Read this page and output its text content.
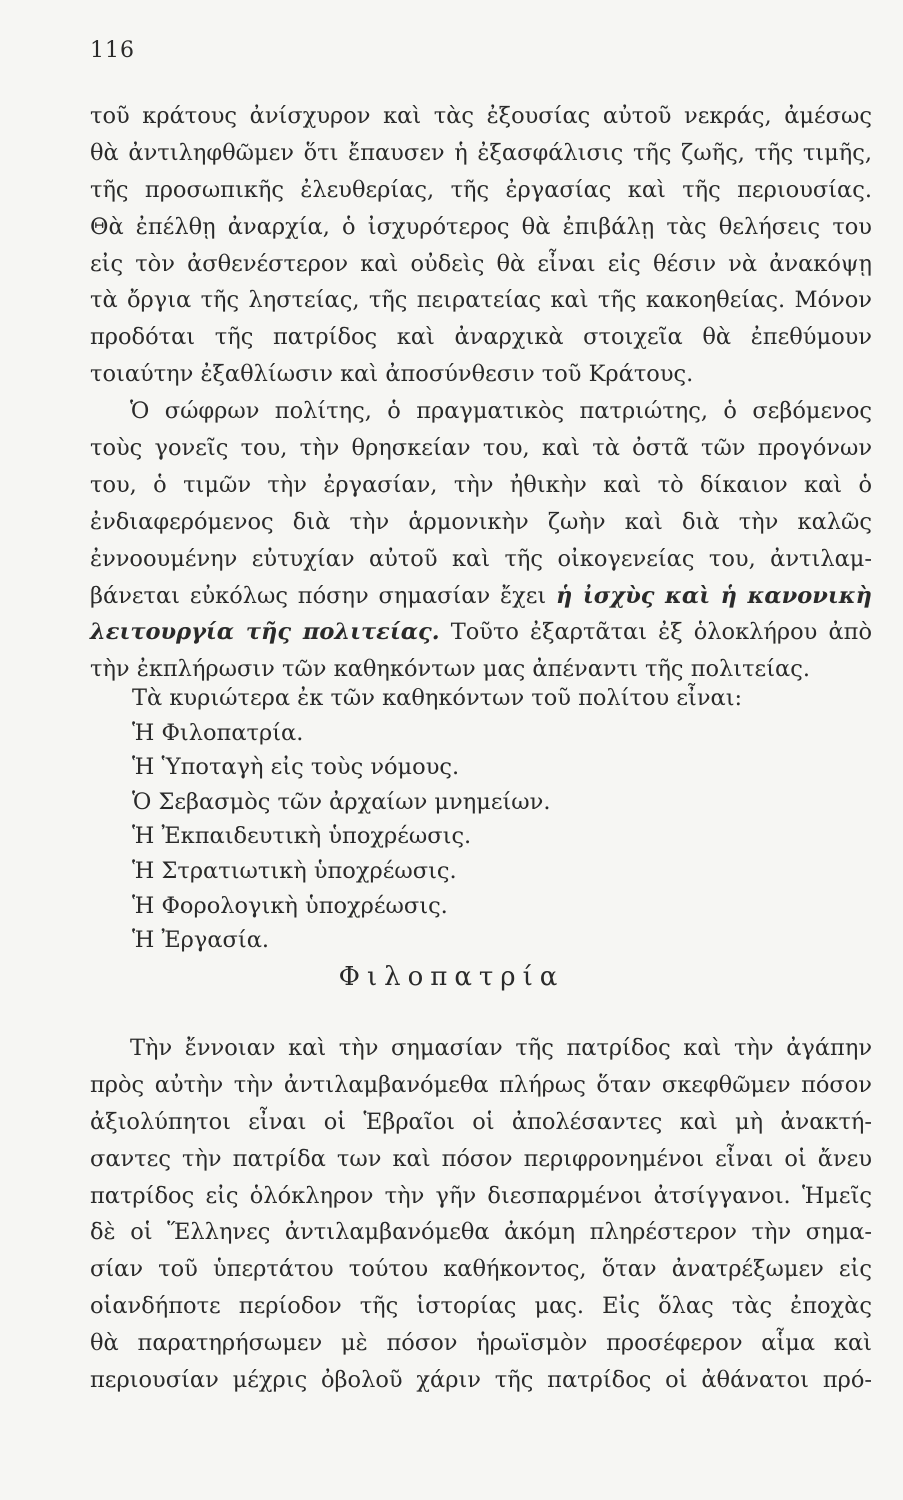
116
τοῦ κράτους ἀνίσχυρον καὶ τὰς ἐξουσίας αὐτοῦ νεκράς, ἀμέσως
θὰ ἀντιληφθῶμεν ὅτι ἔπαυσεν ἡ ἐξασφάλισις τῆς ζωῆς, τῆς τιμῆς,
τῆς προσωπικῆς ἐλευθερίας, τῆς ἐργασίας καὶ τῆς περιουσίας.
Θὰ ἐπέλθῃ ἀναρχία, ὁ ἰσχυρότερος θὰ ἐπιβάλῃ τὰς θελήσεις του
εἰς τὸν ἀσθενέστερον καὶ οὐδεὶς θὰ εἶναι εἰς θέσιν νὰ ἀνακόψῃ
τὰ ὄργια τῆς ληστείας, τῆς πειρατείας καὶ τῆς κακοηθείας. Μόνον
προδόται τῆς πατρίδος καὶ ἀναρχικὰ στοιχεῖα θὰ ἐπεθύμουν
τοιαύτην ἐξαθλίωσιν καὶ ἀποσύνθεσιν τοῦ Κράτους.
Ὁ σώφρων πολίτης, ὁ πραγματικὸς πατριώτης, ὁ σεβόμενος
τοὺς γονεῖς του, τὴν θρησκείαν του, καὶ τὰ ὀστᾶ τῶν προγόνων
του, ὁ τιμῶν τὴν ἐργασίαν, τὴν ἠθικὴν καὶ τὸ δίκαιον καὶ ὁ
ἐνδιαφερόμενος διὰ τὴν ἁρμονικὴν ζωὴν καὶ διὰ τὴν καλῶς
ἐννοουμένην εὐτυχίαν αὐτοῦ καὶ τῆς οἰκογενείας του, ἀντιλαμ-
βάνεται εὐκόλως πόσην σημασίαν ἔχει ἡ ἰσχὺς καὶ ἡ κανονικὴ
λειτουργία τῆς πολιτείας. Τοῦτο ἐξαρτᾶται ἐξ ὁλοκλήρου ἀπὸ
τὴν ἐκπλήρωσιν τῶν καθηκόντων μας ἀπέναντι τῆς πολιτείας.
Τὰ κυριώτερα ἐκ τῶν καθηκόντων τοῦ πολίτου εἶναι:
Ἡ Φιλοπατρία.
Ἡ Ὑποταγὴ εἰς τοὺς νόμους.
Ὁ Σεβασμὸς τῶν ἀρχαίων μνημείων.
Ἡ Ἐκπαιδευτικὴ ὑποχρέωσις.
Ἡ Στρατιωτικὴ ὑποχρέωσις.
Ἡ Φορολογικὴ ὑποχρέωσις.
Ἡ Ἐργασία.
Φιλοπατρία
Τὴν ἔννοιαν καὶ τὴν σημασίαν τῆς πατρίδος καὶ τὴν ἀγάπην
πρὸς αὐτὴν τὴν ἀντιλαμβανόμεθα πλήρως ὅταν σκεφθῶμεν πόσον
ἀξιολύπητοι εἶναι οἱ Ἑβραῖοι οἱ ἀπολέσαντες καὶ μὴ ἀνακτή-
σαντες τὴν πατρίδα των καὶ πόσον περιφρονημένοι εἶναι οἱ ἄνευ
πατρίδος εἰς ὁλόκληρον τὴν γῆν διεσπαρμένοι ἀτσίγγανοι. Ἡμεῖς
δὲ οἱ Ἕλληνες ἀντιλαμβανόμεθα ἀκόμη πληρέστερον τὴν σημα-
σίαν τοῦ ὑπερτάτου τούτου καθήκοντος, ὅταν ἀνατρέξωμεν εἰς
οἱανδήποτε περίοδον τῆς ἱστορίας μας. Εἰς ὅλας τὰς ἐποχὰς
θὰ παρατηρήσωμεν μὲ πόσον ἡρωϊσμὸν προσέφερον αἷμα καὶ
περιουσίαν μέχρις ὀβολοῦ χάριν τῆς πατρίδος οἱ ἀθάνατοι πρό-
